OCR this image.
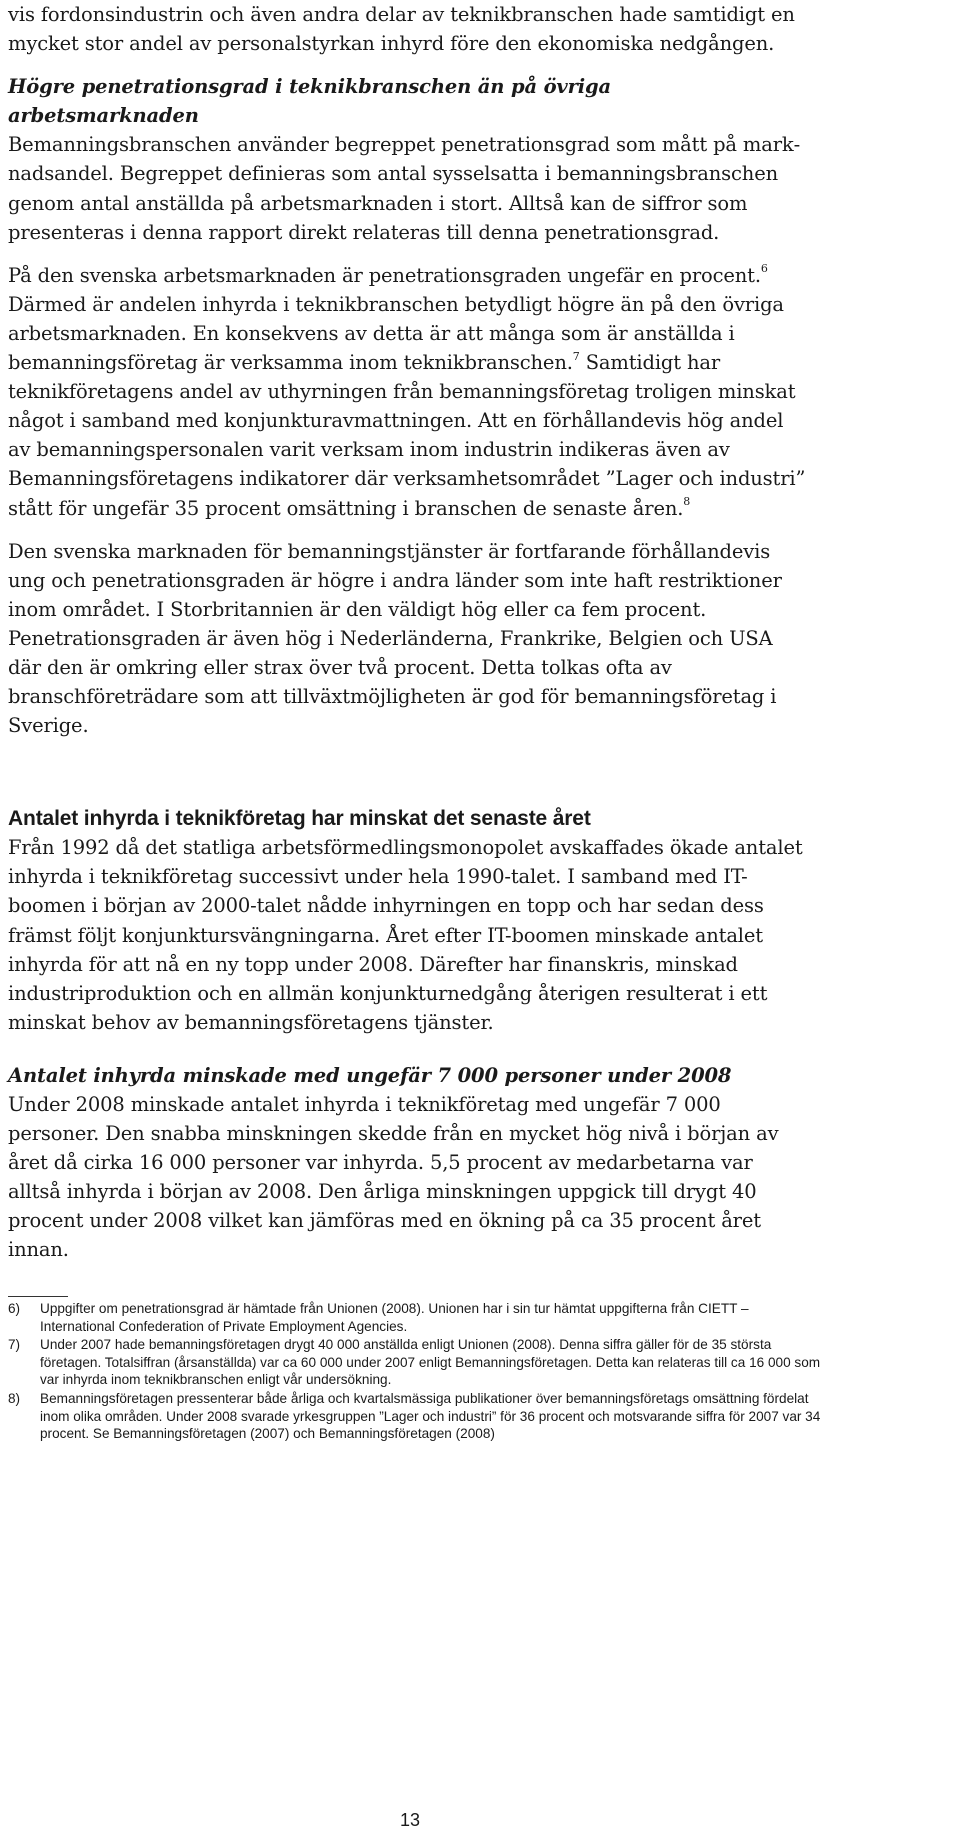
vis fordonsindustrin och även andra delar av teknikbranschen hade samtidigt en mycket stor andel av personalstyrkan inhyrd före den ekonomiska nedgången.

Högre penetrationsgrad i teknikbranschen än på övriga arbetsmarknaden

Bemanningsbranschen använder begreppet penetrationsgrad som mått på marknadsandel. Begreppet definieras som antal sysselsatta i bemanningsbranschen genom antal anställda på arbetsmarknaden i stort. Alltså kan de siffror som presenteras i denna rapport direkt relateras till denna penetrationsgrad.

På den svenska arbetsmarknaden är penetrationsgraden ungefär en procent.$^6$ Därmed är andelen inhyrda i teknikbranschen betydligt högre än på den övriga arbetsmarknaden. En konsekvens av detta är att många som är anställda i bemanningsföretag är verksamma inom teknikbranschen.$^7$ Samtidigt har teknikföretagens andel av uthyrningen från bemanningsföretag troligen minskat något i samband med konjunkturavmattningen. Att en förhållandevis hög andel av bemanningspersonalen varit verksam inom industrin indikeras även av Bemanningsföretagens indikatorer där verksamhetsområdet ”Lager och industri” stått för ungefär 35 procent omsättning i branschen de senaste åren.$^8$

Den svenska marknaden för bemanningstjänster är fortfarande förhållandevis ung och penetrationsgraden är högre i andra länder som inte haft restriktioner inom området. I Storbritannien är den väldigt hög eller ca fem procent. Penetrationsgraden är även hög i Nederländerna, Frankrike, Belgien och USA där den är omkring eller strax över två procent. Detta tolkas ofta av branschföreträdare som att tillväxtmöjligheten är god för bemanningsföretag i Sverige.

Antalet inhyrda i teknikföretag har minskat det senaste året

Från 1992 då det statliga arbetsförmedlingsmonopolet avskaffades ökade antalet inhyrda i teknikföretag successivt under hela 1990-talet. I samband med IT-boomen i början av 2000-talet nådde inhyrningen en topp och har sedan dess främst följt konjunktursvängningarna. Året efter IT-boomen minskade antalet inhyrda för att nå en ny topp under 2008. Därefter har finanskris, minskad industriproduktion och en allmän konjunkturnedgång återigen resulterat i ett minskat behov av bemanningsföretagens tjänster.

Antalet inhyrda minskade med ungefär 7 000 personer under 2008

Under 2008 minskade antalet inhyrda i teknikföretag med ungefär 7 000 personer. Den snabba minskningen skedde från en mycket hög nivå i början av året då cirka 16 000 personer var inhyrda. 5,5 procent av medarbetarna var alltså inhyrda i början av 2008. Den årliga minskningen uppgick till drygt 40 procent under 2008 vilket kan jämföras med en ökning på ca 35 procent året innan.

6)	Uppgifter om penetrationsgrad är hämtade från Unionen (2008). Unionen har i sin tur hämtat uppgifterna från CIETT – International Confederation of Private Employment Agencies.
7)	Under 2007 hade bemanningsföretagen drygt 40 000 anställda enligt Unionen (2008). Denna siffra gäller för de 35 största företagen. Totalsiffran (årsanställda) var ca 60 000 under 2007 enligt Bemanningsföretagen. Detta kan relateras till ca 16 000 som var inhyrda inom teknikbranschen enligt vår undersökning.
8)	Bemanningsföretagen pressenterar både årliga och kvartalsmässiga publikationer över bemanningsföretags omsättning fördelat inom olika områden. Under 2008 svarade yrkesgruppen ”Lager och industri” för 36 procent och motsvarande siffra för 2007 var 34 procent. Se Bemanningsföretagen (2007) och Bemanningsföretagen (2008)
13
